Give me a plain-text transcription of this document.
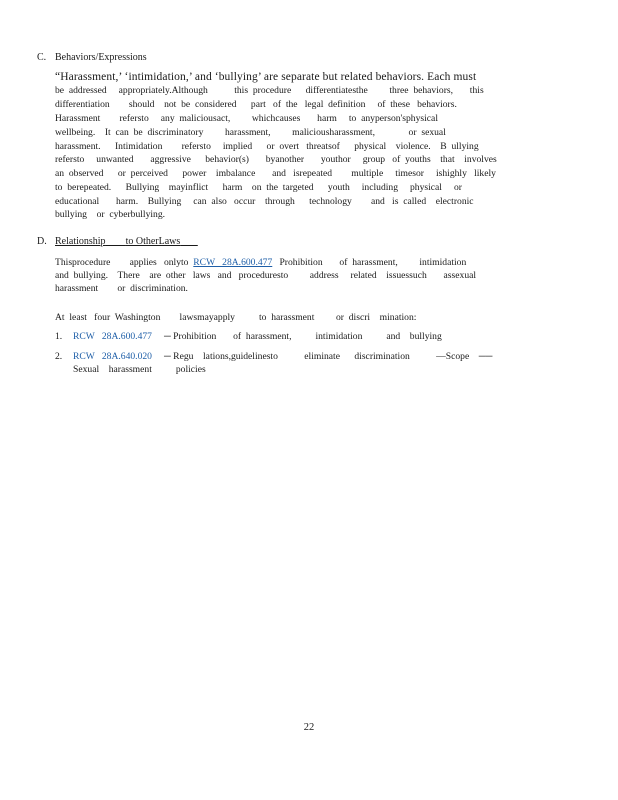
C. Behaviors/Expressions
“Harassment,’ ‘intimidation,’ and ‘bullying’ are separate but related behaviors. Each must
be  addressed     appropriately.Although           this  procedure      differentiatesthe         three  behaviors,       this
differentiation        should    not  be  considered      part   of  the   legal  definition     of  these   behaviors.
Harassment        refersto     any  maliciousact,         whichcauses       harm     to  anyperson'sphysical
wellbeing.    It  can  be  discriminatory         harassment,         maliciousharassment,              or  sexual
harassment.      Intimidation        refersto     implied      or  overt   threatsof      physical    violence.    B  ullying
refersto     unwanted       aggressive      behavior(s)       byanother       youthor     group   of  youths    that    involves
an  observed      or  perceived      power    imbalance       and   isrepeated        multiple     timesor     ishighly   likely
to  berepeated.      Bullying    mayinflict      harm    on  the  targeted      youth     including     physical     or
educational       harm.    Bullying     can  also   occur    through      technology        and   is  called    electronic
bullying    or  cyberbullying.
D. Relationship to OtherLaws
Thisprocedure        applies   onlyto  RCW   28A.600.477   Prohibition       of  harassment,         intimidation
and  bullying.    There    are  other   laws   and   proceduresto         address     related    issuessuch       assexual
harassment        or  discrimination.
At  least   four  Washington        lawsmayapply          to  harassment         or  discri    mination:
1.	RCW   28A.600.477     ─ Prohibition       of  harassment,          intimidation          and    bullying
2.	RCW   28A.640.020     ─ Regu    lations,guidelinesto           eliminate      discrimination           —Scope    ──
Sexual    harassment          policies
22
